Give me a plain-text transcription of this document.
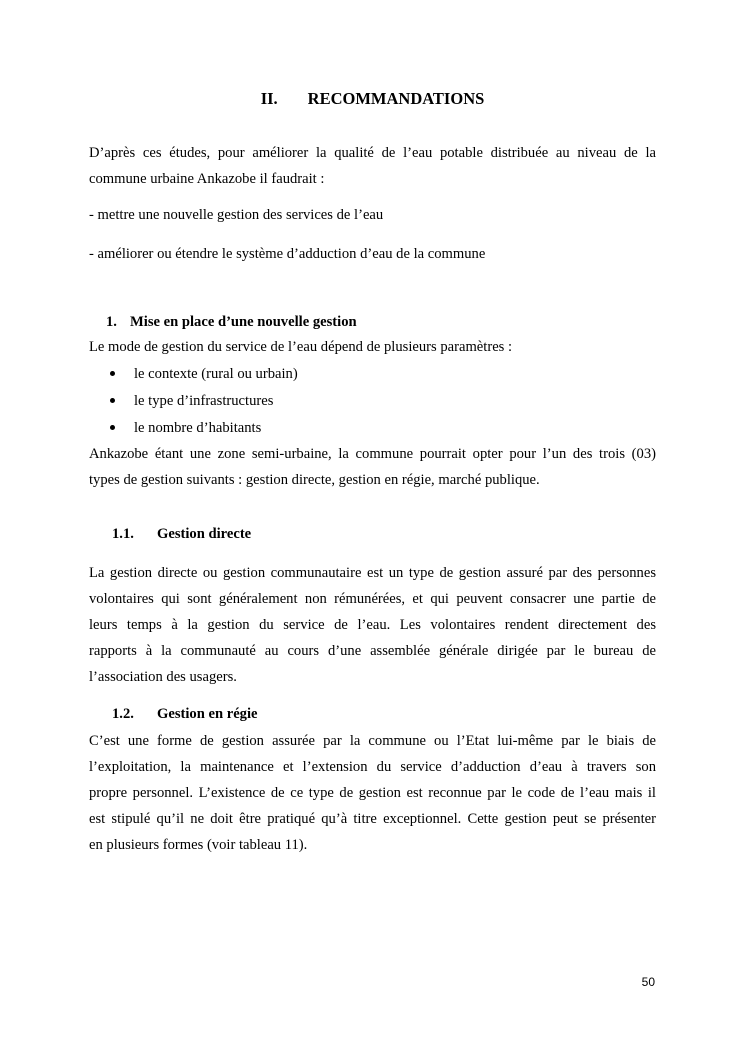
II. RECOMMANDATIONS
D’après ces études, pour améliorer la qualité de l’eau potable distribuée au niveau de la
commune urbaine Ankazobe il faudrait :
- mettre une nouvelle gestion des services de l’eau
- améliorer ou étendre le système d’adduction d’eau de la commune
1. Mise en place d’une nouvelle gestion
Le mode de gestion du service de l’eau dépend de plusieurs paramètres :
le contexte (rural ou urbain)
le type d’infrastructures
le nombre d’habitants
Ankazobe étant une zone semi-urbaine, la commune pourrait opter pour l’un des trois (03)
types de gestion suivants : gestion directe, gestion en régie, marché publique.
1.1. Gestion directe
La gestion directe ou gestion communautaire est un type de gestion assuré par des personnes
volontaires qui sont généralement non rémunérées, et qui peuvent consacrer une partie de
leurs temps à la gestion du service de l’eau. Les volontaires rendent directement des
rapports à la communauté au cours d’une assemblée générale dirigée par le bureau de
l’association des usagers.
1.2. Gestion en régie
C’est une forme de gestion assurée par la commune ou l’Etat lui-même par le biais de
l’exploitation, la maintenance et l’extension du service d’adduction d’eau à travers son
propre personnel. L’existence de ce type de gestion est reconnue par le code de l’eau mais il
est stipulé qu’il ne doit être pratiqué qu’à titre exceptionnel. Cette gestion peut se présenter
en plusieurs formes (voir tableau 11).
50
